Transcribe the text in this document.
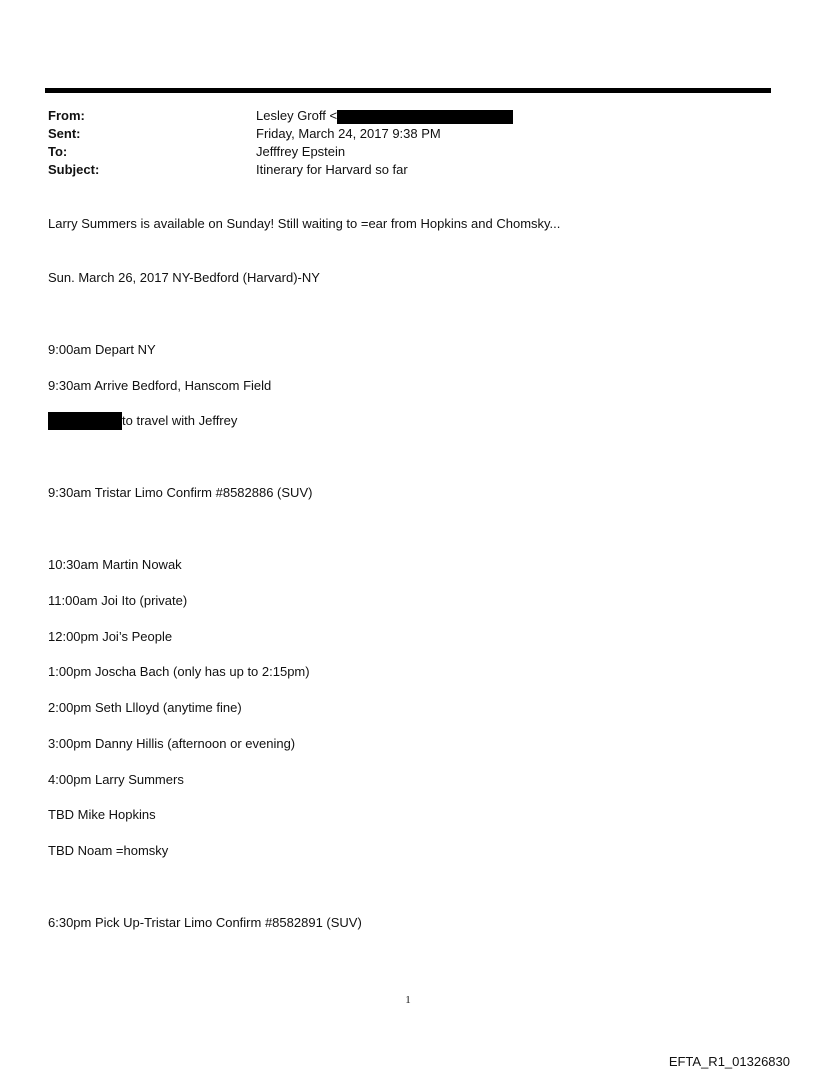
From:	Lesley Groff <
Sent:	Friday, March 24, 2017 9:38 PM
To:	Jefffrey Epstein
Subject:	Itinerary for Harvard so far
Larry Summers is available on Sunday! Still waiting to =ear from Hopkins and Chomsky...
Sun. March 26, 2017 NY-Bedford (Harvard)-NY
9:00am Depart NY
9:30am Arrive Bedford, Hanscom Field
to travel with Jeffrey
9:30am Tristar Limo Confirm #8582886 (SUV)
10:30am Martin Nowak
11:00am Joi Ito (private)
12:00pm Joi’s People
1:00pm Joscha Bach (only has up to 2:15pm)
2:00pm Seth Llloyd (anytime fine)
3:00pm Danny Hillis (afternoon or evening)
4:00pm Larry Summers
TBD Mike Hopkins
TBD Noam =homsky
6:30pm Pick Up-Tristar Limo Confirm #8582891 (SUV)
1
EFTA_R1_01326830
